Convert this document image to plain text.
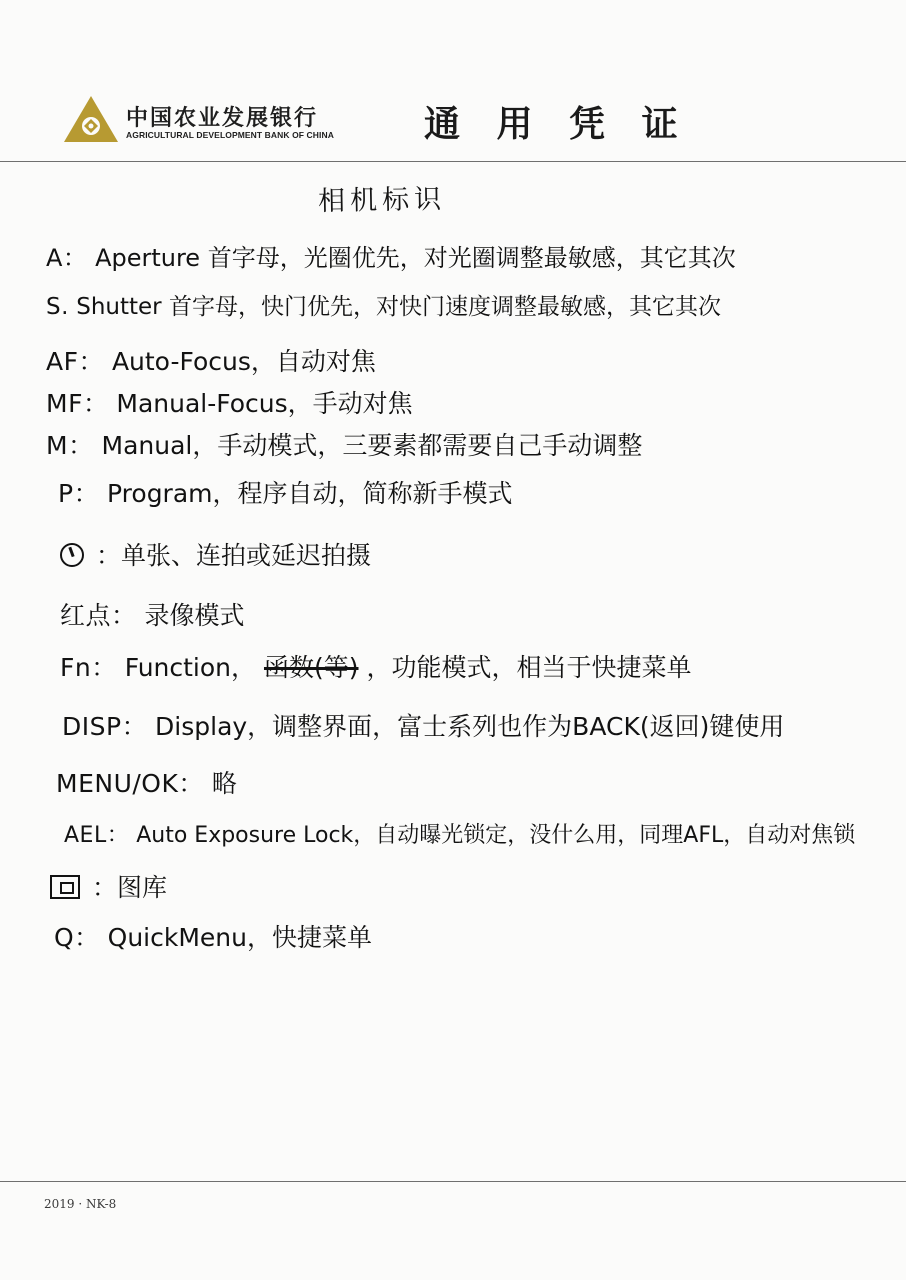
中国农业发展银行
AGRICULTURAL DEVELOPMENT BANK OF CHINA	通 用 凭 证
相机标识
A： Aperture 首字母，光圈优先，对光圈调整最敏感，其它其次
S. Shutter 首字母，快门优先，对快门速度调整最敏感，其它其次
AF： Auto-Focus，自动对焦
MF： Manual-Focus，手动对焦
M： Manual，手动模式，三要素都需要自己手动调整
P： Program，程序自动，简称新手模式
：单张、连拍或延迟拍摄
红点： 录像模式
Fn： Function， 函数(等) ，功能模式，相当于快捷菜单
DISP： Display，调整界面，富士系列也作为BACK(返回)键使用
MENU/OK： 略
AEL： Auto Exposure Lock，自动曝光锁定，没什么用，同理AFL，自动对焦锁
：图库
Q： QuickMenu，快捷菜单
2019 · NK-8
